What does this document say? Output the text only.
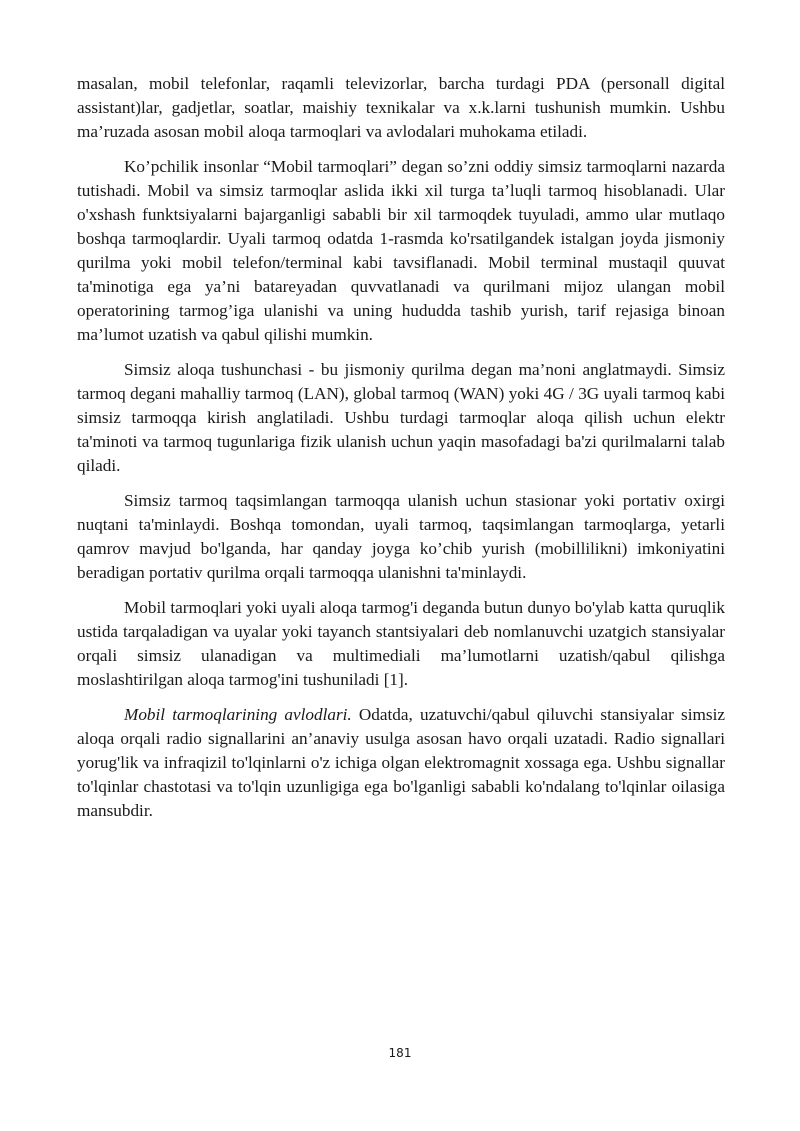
masalan, mobil telefonlar, raqamli televizorlar, barcha turdagi PDA (personall digital assistant)lar, gadjetlar, soatlar, maishiy texnikalar va x.k.larni tushunish mumkin. Ushbu ma’ruzada asosan mobil aloqa tarmoqlari va avlodalari muhokama etiladi.

Ko’pchilik insonlar “Mobil tarmoqlari” degan so’zni oddiy simsiz tarmoqlarni nazarda tutishadi. Mobil va simsiz tarmoqlar aslida ikki xil turga ta’luqli tarmoq hisoblanadi. Ular o'xshash funktsiyalarni bajarganligi sababli bir xil tarmoqdek tuyuladi, ammo ular mutlaqo boshqa tarmoqlardir. Uyali tarmoq odatda 1-rasmda ko'rsatilgandek istalgan joyda jismoniy qurilma yoki mobil telefon/terminal kabi tavsiflanadi. Mobil terminal mustaqil quuvat ta'minotiga ega ya’ni batareyadan quvvatlanadi va qurilmani mijoz ulangan mobil operatorining tarmog’iga ulanishi va uning hududda tashib yurish, tarif rejasiga binoan ma’lumot uzatish va qabul qilishi mumkin.

Simsiz aloqa tushunchasi - bu jismoniy qurilma degan ma’noni anglatmaydi. Simsiz tarmoq degani mahalliy tarmoq (LAN), global tarmoq (WAN) yoki 4G / 3G uyali tarmoq kabi simsiz tarmoqqa kirish anglatiladi. Ushbu turdagi tarmoqlar aloqa qilish uchun elektr ta'minoti va tarmoq tugunlariga fizik ulanish uchun yaqin masofadagi ba'zi qurilmalarni talab qiladi.

Simsiz tarmoq taqsimlangan tarmoqqa ulanish uchun stasionar yoki portativ oxirgi nuqtani ta'minlaydi. Boshqa tomondan, uyali tarmoq, taqsimlangan tarmoqlarga, yetarli qamrov mavjud bo'lganda, har qanday joyga ko’chib yurish (mobillilikni) imkoniyatini beradigan portativ qurilma orqali tarmoqqa ulanishni ta'minlaydi.

Mobil tarmoqlari yoki uyali aloqa tarmog'i deganda butun dunyo bo'ylab katta quruqlik ustida tarqaladigan va uyalar yoki tayanch stantsiyalari deb nomlanuvchi uzatgich stansiyalar orqali simsiz ulanadigan va multimediali ma’lumotlarni uzatish/qabul qilishga moslashtirilgan aloqa tarmog'ini tushuniladi [1].

Mobil tarmoqlarining avlodlari. Odatda, uzatuvchi/qabul qiluvchi stansiyalar simsiz aloqa orqali radio signallarini an’anaviy usulga asosan havo orqali uzatadi. Radio signallari yorug'lik va infraqizil to'lqinlarni o'z ichiga olgan elektromagnit xossaga ega. Ushbu signallar to'lqinlar chastotasi va to'lqin uzunligiga ega bo'lganligi sababli ko'ndalang to'lqinlar oilasiga mansubdir.

181
